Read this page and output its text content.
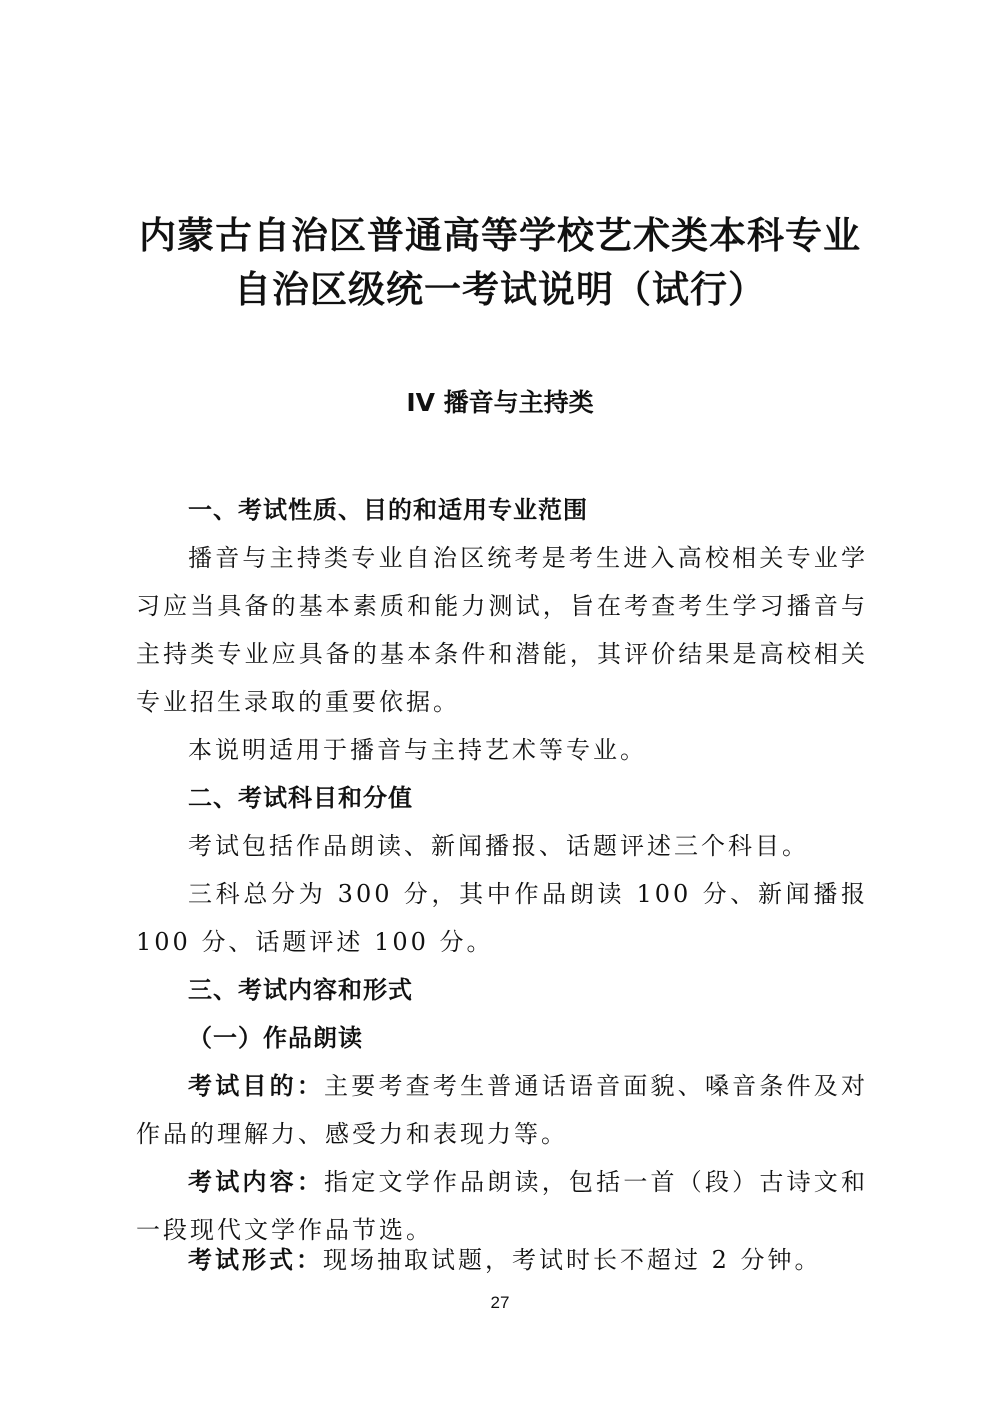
内蒙古自治区普通高等学校艺术类本科专业
自治区级统一考试说明（试行）
IV 播音与主持类

一、考试性质、目的和适用专业范围

播音与主持类专业自治区统考是考生进入高校相关专业学习应当具备的基本素质和能力测试，旨在考查考生学习播音与主持类专业应具备的基本条件和潜能，其评价结果是高校相关专业招生录取的重要依据。

本说明适用于播音与主持艺术等专业。

二、考试科目和分值

考试包括作品朗读、新闻播报、话题评述三个科目。

三科总分为 300 分，其中作品朗读 100 分、新闻播报 100 分、话题评述 100 分。

三、考试内容和形式

（一）作品朗读

考试目的：主要考查考生普通话语音面貌、嗓音条件及对作品的理解力、感受力和表现力等。

考试内容：指定文学作品朗读，包括一首（段）古诗文和一段现代文学作品节选。

考试形式：现场抽取试题，考试时长不超过 2 分钟。

27
